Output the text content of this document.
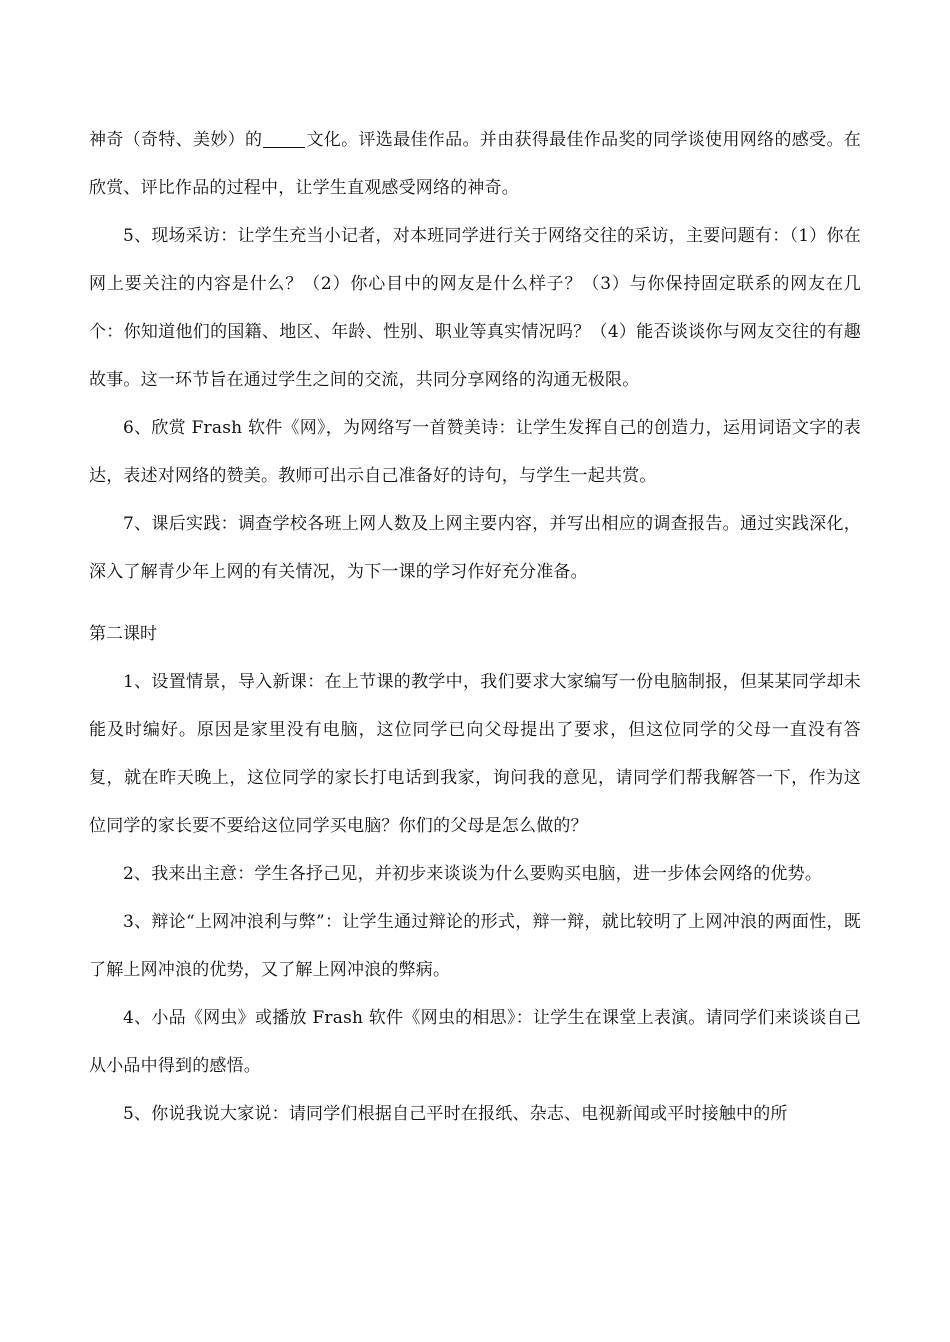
神奇（奇特、美妙）的	文化。评选最佳作品。并由获得最佳作品奖的同学谈使用网络的感受。在欣赏、评比作品的过程中，让学生直观感受网络的神奇。

5、现场采访：让学生充当小记者，对本班同学进行关于网络交往的采访，主要问题有：（1）你在网上要关注的内容是什么？（2）你心目中的网友是什么样子？（3）与你保持固定联系的网友在几个：你知道他们的国籍、地区、年龄、性别、职业等真实情况吗？（4）能否谈谈你与网友交往的有趣故事。这一环节旨在通过学生之间的交流，共同分享网络的沟通无极限。

6、欣赏 Frash 软件《网》，为网络写一首赞美诗：让学生发挥自己的创造力，运用词语文字的表达，表述对网络的赞美。教师可出示自己准备好的诗句，与学生一起共赏。

7、课后实践：调查学校各班上网人数及上网主要内容，并写出相应的调查报告。通过实践深化，深入了解青少年上网的有关情况，为下一课的学习作好充分准备。

第二课时

1、设置情景，导入新课：在上节课的教学中，我们要求大家编写一份电脑制报，但某某同学却未能及时编好。原因是家里没有电脑，这位同学已向父母提出了要求，但这位同学的父母一直没有答复，就在昨天晚上，这位同学的家长打电话到我家，询问我的意见，请同学们帮我解答一下，作为这位同学的家长要不要给这位同学买电脑？你们的父母是怎么做的？

2、我来出主意：学生各抒己见，并初步来谈谈为什么要购买电脑，进一步体会网络的优势。

3、辩论“上网冲浪利与弊”：让学生通过辩论的形式，辩一辩，就比较明了上网冲浪的两面性，既了解上网冲浪的优势，又了解上网冲浪的弊病。

4、小品《网虫》或播放 Frash 软件《网虫的相思》：让学生在课堂上表演。请同学们来谈谈自己从小品中得到的感悟。

5、你说我说大家说：请同学们根据自己平时在报纸、杂志、电视新闻或平时接触中的所
